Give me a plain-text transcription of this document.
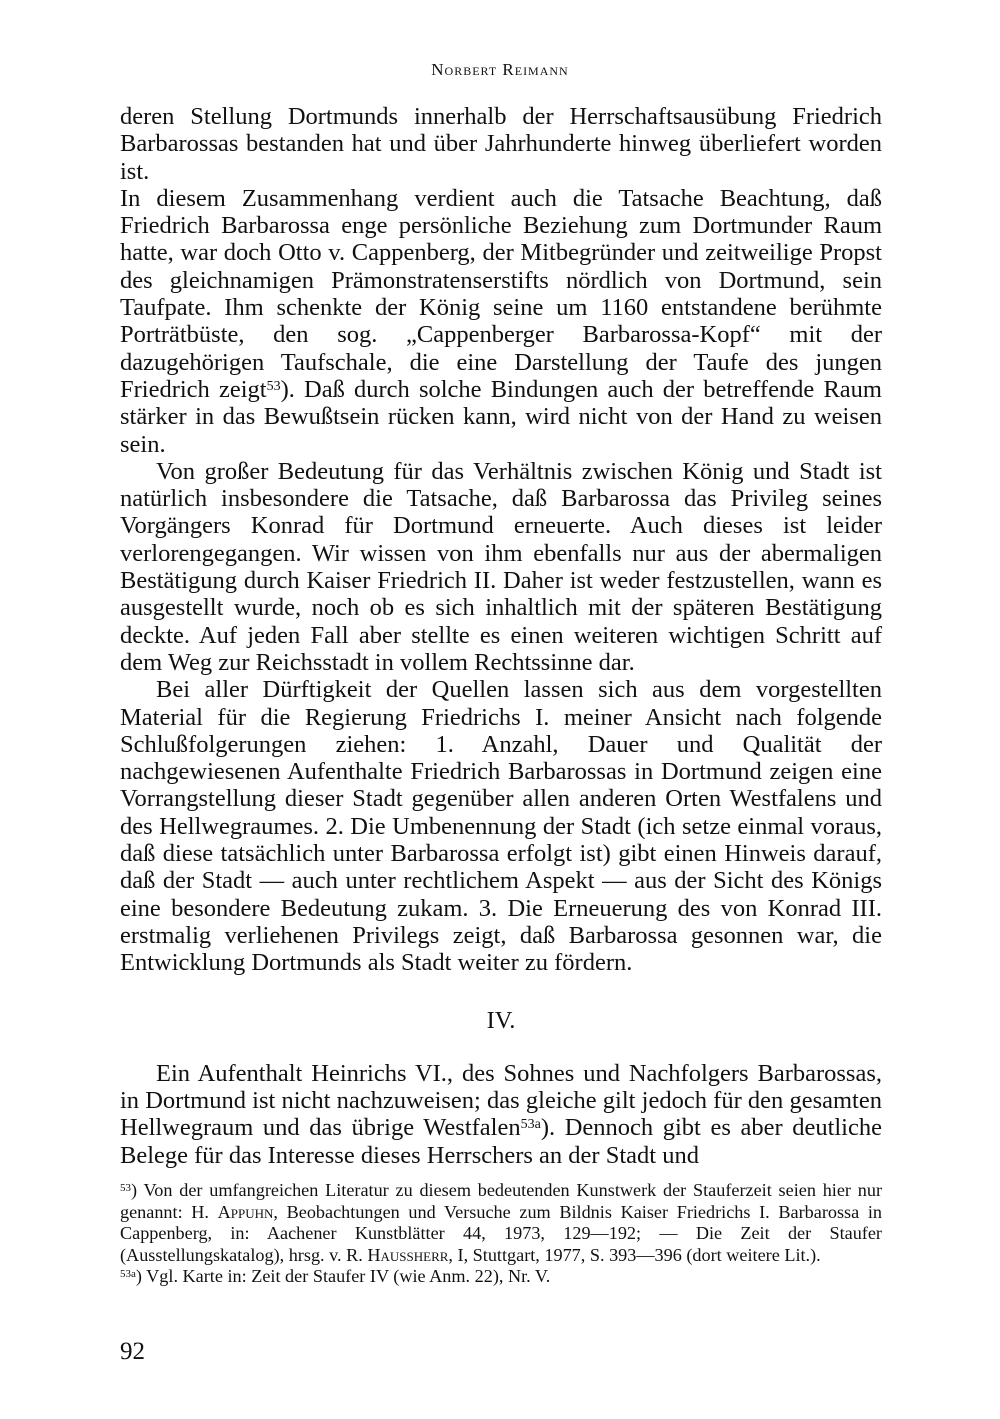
Norbert Reimann

deren Stellung Dortmunds innerhalb der Herrschaftsausübung Friedrich Barbarossas bestanden hat und über Jahrhunderte hinweg überliefert worden ist.

In diesem Zusammenhang verdient auch die Tatsache Beachtung, daß Friedrich Barbarossa enge persönliche Beziehung zum Dortmunder Raum hatte, war doch Otto v. Cappenberg, der Mitbegründer und zeitweilige Propst des gleichnamigen Prämonstratenserstifts nördlich von Dortmund, sein Taufpate. Ihm schenkte der König seine um 1160 entstandene berühmte Porträtbüste, den sog. „Cappenberger Barbarossa-Kopf“ mit der dazugehörigen Taufschale, die eine Darstellung der Taufe des jungen Friedrich zeigt$^{53}$). Daß durch solche Bindungen auch der betreffende Raum stärker in das Bewußtsein rücken kann, wird nicht von der Hand zu weisen sein.

Von großer Bedeutung für das Verhältnis zwischen König und Stadt ist natürlich insbesondere die Tatsache, daß Barbarossa das Privileg seines Vorgängers Konrad für Dortmund erneuerte. Auch dieses ist leider verlorengegangen. Wir wissen von ihm ebenfalls nur aus der abermaligen Bestätigung durch Kaiser Friedrich II. Daher ist weder festzustellen, wann es ausgestellt wurde, noch ob es sich inhaltlich mit der späteren Bestätigung deckte. Auf jeden Fall aber stellte es einen weiteren wichtigen Schritt auf dem Weg zur Reichsstadt in vollem Rechtssinne dar.

Bei aller Dürftigkeit der Quellen lassen sich aus dem vorgestellten Material für die Regierung Friedrichs I. meiner Ansicht nach folgende Schlußfolgerungen ziehen: 1. Anzahl, Dauer und Qualität der nachgewiesenen Aufenthalte Friedrich Barbarossas in Dortmund zeigen eine Vorrangstellung dieser Stadt gegenüber allen anderen Orten Westfalens und des Hellwegraumes. 2. Die Umbenennung der Stadt (ich setze einmal voraus, daß diese tatsächlich unter Barbarossa erfolgt ist) gibt einen Hinweis darauf, daß der Stadt — auch unter rechtlichem Aspekt — aus der Sicht des Königs eine besondere Bedeutung zukam. 3. Die Erneuerung des von Konrad III. erstmalig verliehenen Privilegs zeigt, daß Barbarossa gesonnen war, die Entwicklung Dortmunds als Stadt weiter zu fördern.

IV.

Ein Aufenthalt Heinrichs VI., des Sohnes und Nachfolgers Barbarossas, in Dortmund ist nicht nachzuweisen; das gleiche gilt jedoch für den gesamten Hellwegraum und das übrige Westfalen$^{53a}$). Dennoch gibt es aber deutliche Belege für das Interesse dieses Herrschers an der Stadt und

$^{53}$) Von der umfangreichen Literatur zu diesem bedeutenden Kunstwerk der Stauferzeit seien hier nur genannt: H. Appuhn, Beobachtungen und Versuche zum Bildnis Kaiser Friedrichs I. Barbarossa in Cappenberg, in: Aachener Kunstblätter 44, 1973, 129—192; — Die Zeit der Staufer (Ausstellungskatalog), hrsg. v. R. Haussherr, I, Stuttgart, 1977, S. 393—396 (dort weitere Lit.).

$^{53a}$) Vgl. Karte in: Zeit der Staufer IV (wie Anm. 22), Nr. V.

92
